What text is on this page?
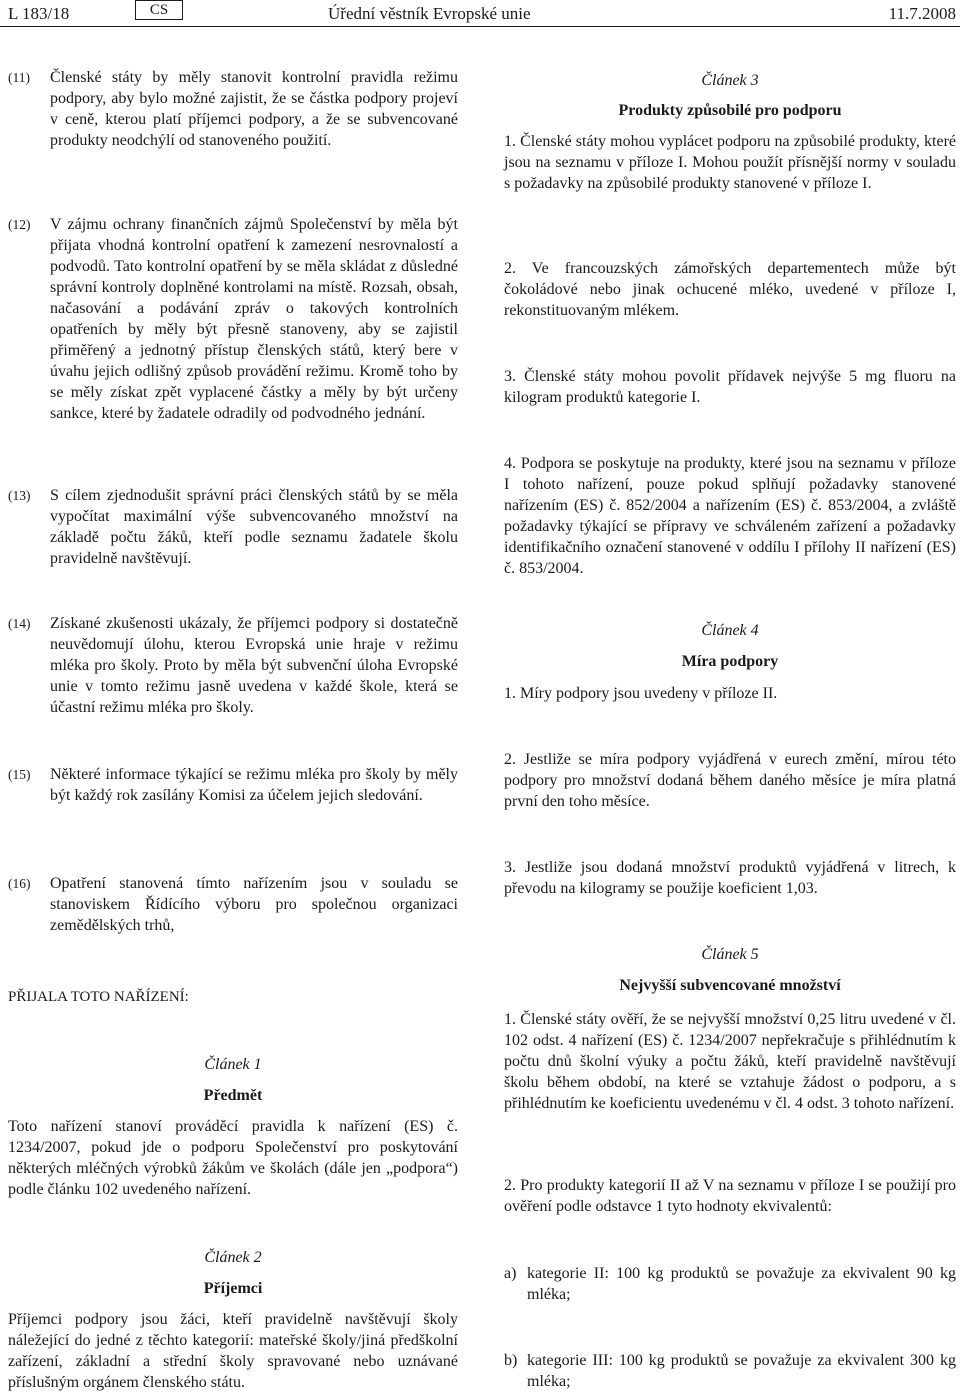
L 183/18	CS	Úřední věstník Evropské unie	11.7.2008
(11) Členské státy by měly stanovit kontrolní pravidla režimu podpory, aby bylo možné zajistit, že se částka podpory projeví v ceně, kterou platí příjemci podpory, a že se subvencované produkty neodchýlí od stanoveného použití.
(12) V zájmu ochrany finančních zájmů Společenství by měla být přijata vhodná kontrolní opatření k zamezení nesrovnalostí a podvodů. Tato kontrolní opatření by se měla skládat z důsledné správní kontroly doplněné kontrolami na místě. Rozsah, obsah, načasování a podávání zpráv o takových kontrolních opatřeních by měly být přesně stanoveny, aby se zajistil přiměřený a jednotný přístup členských států, který bere v úvahu jejich odlišný způsob provádění režimu. Kromě toho by se měly získat zpět vyplacené částky a měly by být určeny sankce, které by žadatele odradily od podvodného jednání.
(13) S cílem zjednodušit správní práci členských států by se měla vypočítat maximální výše subvencovaného množství na základě počtu žáků, kteří podle seznamu žadatele školu pravidelně navštěvují.
(14) Získané zkušenosti ukázaly, že příjemci podpory si dostatečně neuvědomují úlohu, kterou Evropská unie hraje v režimu mléka pro školy. Proto by měla být subvenční úloha Evropské unie v tomto režimu jasně uvedena v každé škole, která se účastní režimu mléka pro školy.
(15) Některé informace týkající se režimu mléka pro školy by měly být každý rok zasílány Komisi za účelem jejich sledování.
(16) Opatření stanovená tímto nařízením jsou v souladu se stanoviskem Řídícího výboru pro společnou organizaci zemědělských trhů,
PŘIJALA TOTO NAŘÍZENÍ:
Článek 1
Předmět
Toto nařízení stanoví prováděcí pravidla k nařízení (ES) č. 1234/2007, pokud jde o podporu Společenství pro poskytování některých mléčných výrobků žákům ve školách (dále jen „podpora“) podle článku 102 uvedeného nařízení.
Článek 2
Příjemci
Příjemci podpory jsou žáci, kteří pravidelně navštěvují školy náležející do jedné z těchto kategorií: mateřské školy/jiná předškolní zařízení, základní a střední školy spravované nebo uznávané příslušným orgánem členského státu.
Článek 3
Produkty způsobilé pro podporu
1. Členské státy mohou vyplácet podporu na způsobilé produkty, které jsou na seznamu v příloze I. Mohou použít přísnější normy v souladu s požadavky na způsobilé produkty stanovené v příloze I.
2. Ve francouzských zámořských departementech může být čokoládové nebo jinak ochucené mléko, uvedené v příloze I, rekonstituovaným mlékem.
3. Členské státy mohou povolit přídavek nejvýše 5 mg fluoru na kilogram produktů kategorie I.
4. Podpora se poskytuje na produkty, které jsou na seznamu v příloze I tohoto nařízení, pouze pokud splňují požadavky stanovené nařízením (ES) č. 852/2004 a nařízením (ES) č. 853/2004, a zvláště požadavky týkající se přípravy ve schváleném zařízení a požadavky identifikačního označení stanovené v oddílu I přílohy II nařízení (ES) č. 853/2004.
Článek 4
Míra podpory
1. Míry podpory jsou uvedeny v příloze II.
2. Jestliže se míra podpory vyjádřená v eurech změní, mírou této podpory pro množství dodaná během daného měsíce je míra platná první den toho měsíce.
3. Jestliže jsou dodaná množství produktů vyjádřená v litrech, k převodu na kilogramy se použije koeficient 1,03.
Článek 5
Nejvyšší subvencované množství
1. Členské státy ověří, že se nejvyšší množství 0,25 litru uvedené v čl. 102 odst. 4 nařízení (ES) č. 1234/2007 nepřekračuje s přihlédnutím k počtu dnů školní výuky a počtu žáků, kteří pravidelně navštěvují školu během období, na které se vztahuje žádost o podporu, a s přihlédnutím ke koeficientu uvedenému v čl. 4 odst. 3 tohoto nařízení.
2. Pro produkty kategorií II až V na seznamu v příloze I se použijí pro ověření podle odstavce 1 tyto hodnoty ekvivalentů:
a) kategorie II: 100 kg produktů se považuje za ekvivalent 90 kg mléka;
b) kategorie III: 100 kg produktů se považuje za ekvivalent 300 kg mléka;
